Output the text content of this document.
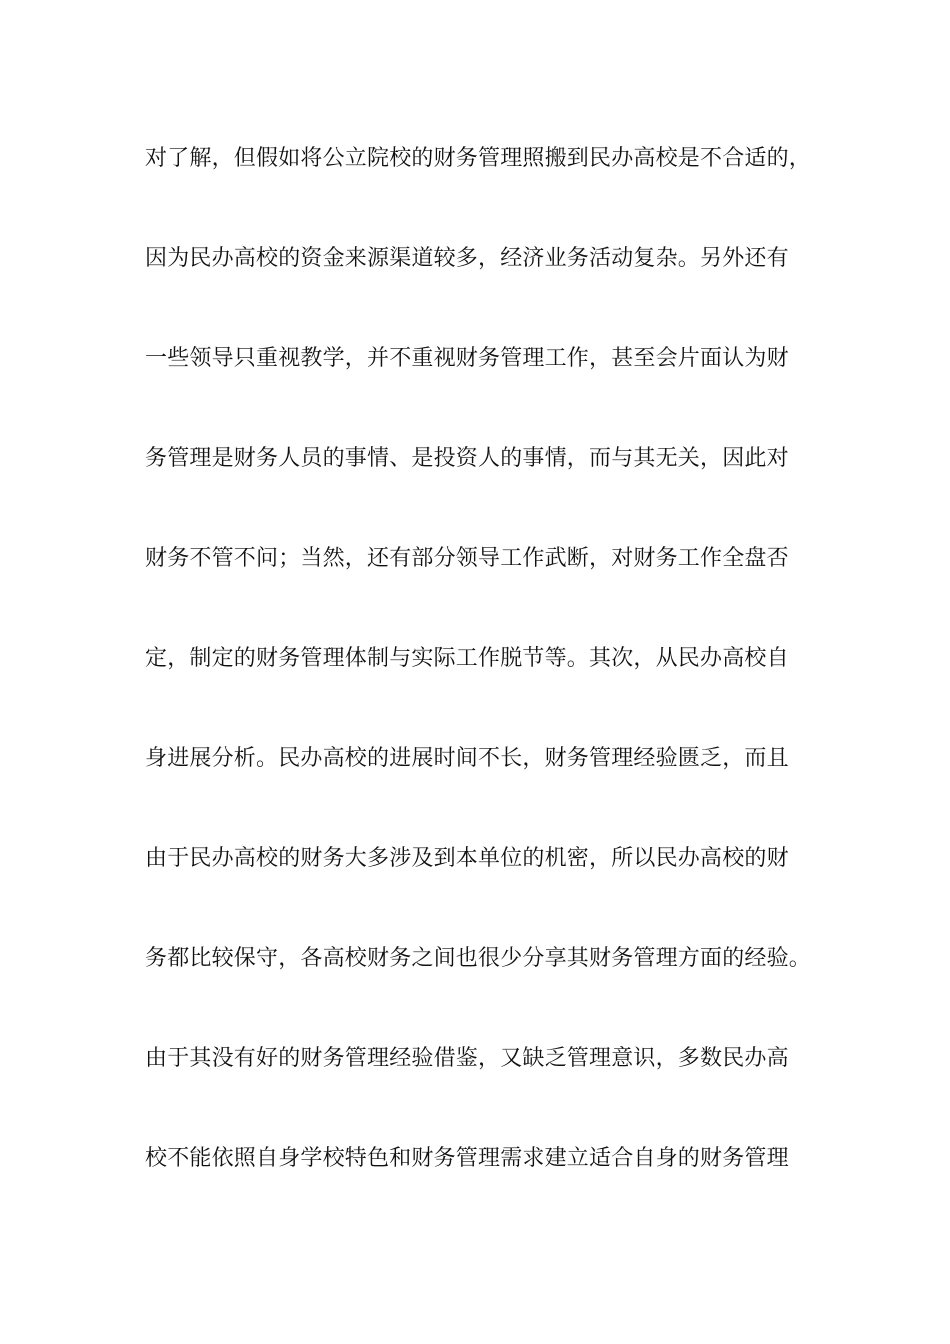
对了解，但假如将公立院校的财务管理照搬到民办高校是不合适的，
因为民办高校的资金来源渠道较多，经济业务活动复杂。另外还有
一些领导只重视教学，并不重视财务管理工作，甚至会片面认为财
务管理是财务人员的事情、是投资人的事情，而与其无关，因此对
财务不管不问；当然，还有部分领导工作武断，对财务工作全盘否
定，制定的财务管理体制与实际工作脱节等。其次，从民办高校自
身进展分析。民办高校的进展时间不长，财务管理经验匮乏，而且
由于民办高校的财务大多涉及到本单位的机密，所以民办高校的财
务都比较保守，各高校财务之间也很少分享其财务管理方面的经验。
由于其没有好的财务管理经验借鉴，又缺乏管理意识，多数民办高
校不能依照自身学校特色和财务管理需求建立适合自身的财务管理
